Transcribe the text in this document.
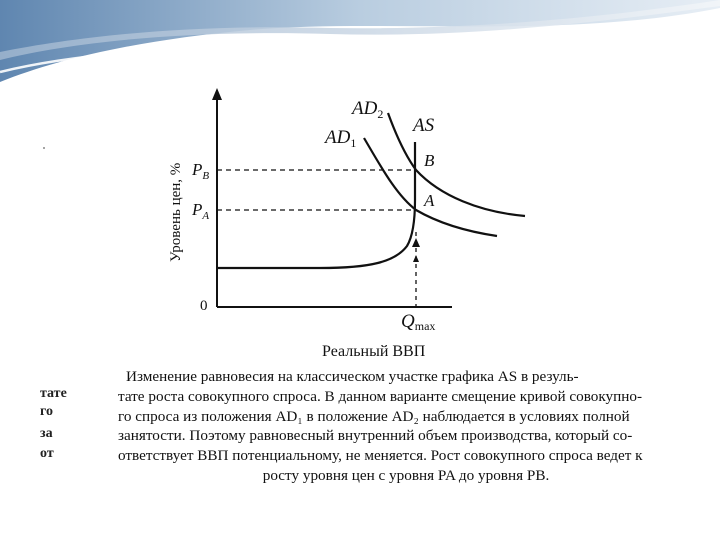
$AD_2$
$AD_1$
AS
B
A
$P_B$
$P_A$
0
Уровень цен, %
Qmax
Реальный ВВП
тате
го
за
от
Изменение равновесия на классическом участке графика AS в резуль-
тате роста совокупного спроса. В данном варианте смещение кривой совокупно-
го спроса из положения AD₁ в положение AD₂ наблюдается в условиях полной
занятости. Поэтому равновесный внутренний объем производства, который со-
ответствует ВВП потенциальному, не меняется. Рост совокупного спроса ведет к
росту уровня цен с уровня PA до уровня PB.
